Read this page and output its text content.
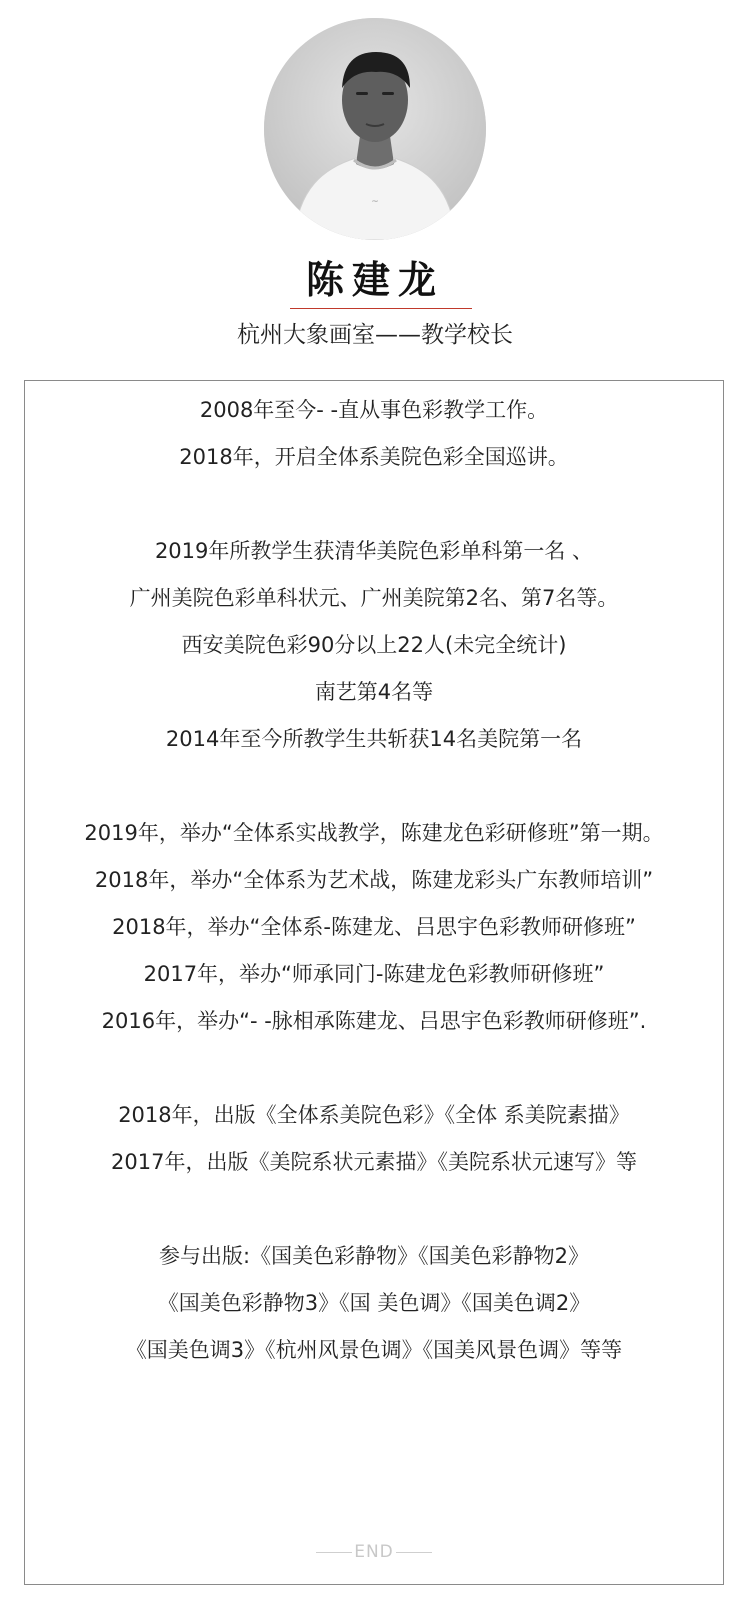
~
陈建龙
杭州大象画室——教学校长
2008年至今- -直从事色彩教学工作。
2018年，开启全体系美院色彩全国巡讲。
2019年所教学生获清华美院色彩单科第一名 、
广州美院色彩单科状元、广州美院第2名、第7名等。
西安美院色彩90分以上22人(未完全统计)
南艺第4名等
2014年至今所教学生共斩获14名美院第一名
2019年，举办“全体系实战教学，陈建龙色彩研修班”第一期。
2018年，举办“全体系为艺术战，陈建龙彩头广东教师培训”
2018年，举办“全体系-陈建龙、吕思宇色彩教师研修班”
2017年，举办“师承同门-陈建龙色彩教师研修班”
2016年，举办“- -脉相承陈建龙、吕思宇色彩教师研修班”.
2018年，出版《全体系美院色彩》《全体 系美院素描》
2017年，出版《美院系状元素描》《美院系状元速写》等
参与出版:《国美色彩静物》《国美色彩静物2》
《国美色彩静物3》《国 美色调》《国美色调2》
《国美色调3》《杭州风景色调》《国美风景色调》等等
END
